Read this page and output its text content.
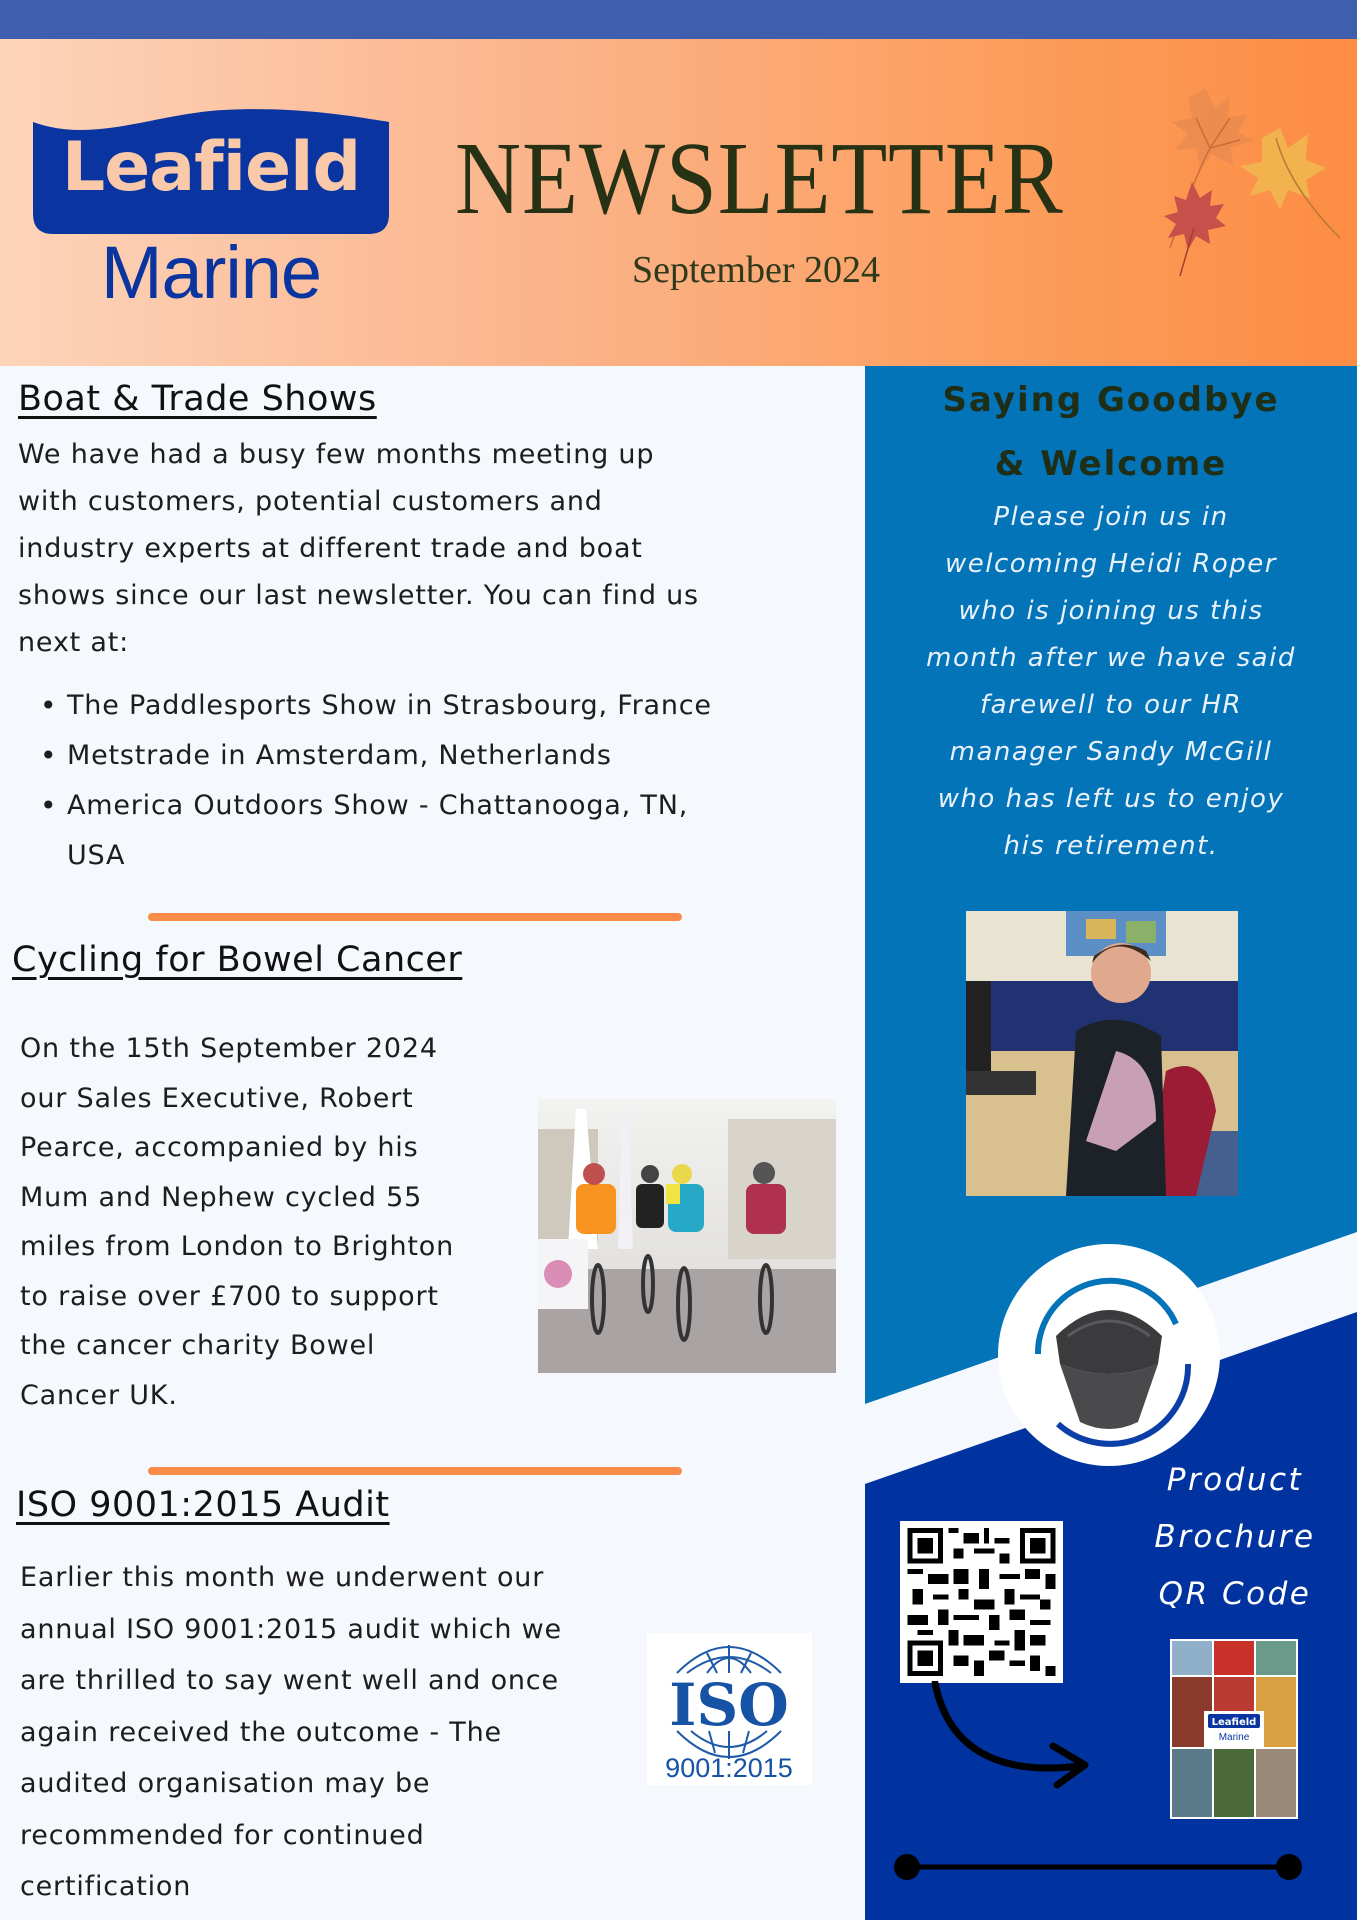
Leafield
Marine
NEWSLETTER
September 2024
Boat & Trade Shows
We have had a busy few months meeting up
with customers, potential customers and
industry experts at different trade and boat
shows since our last newsletter. You can find us
next at:
• The Paddlesports Show in Strasbourg, France
• Metstrade in Amsterdam, Netherlands
• America Outdoors Show - Chattanooga, TN,
USA
Cycling for Bowel Cancer
On the 15th September 2024
our Sales Executive, Robert
Pearce, accompanied by his
Mum and Nephew cycled 55
miles from London to Brighton
to raise over £700 to support
the cancer charity Bowel
Cancer UK.
ISO 9001:2015 Audit
Earlier this month we underwent our
annual ISO 9001:2015 audit which we
are thrilled to say went well and once
again received the outcome - The
audited organisation may be
recommended for continued
certification
ISO
9001:2015
Saying Goodbye
& Welcome
Please join us in
welcoming Heidi Roper
who is joining us this
month after we have said
farewell to our HR
manager Sandy McGill
who has left us to enjoy
his retirement.
Product
Brochure
QR Code
Leafield
Marine
